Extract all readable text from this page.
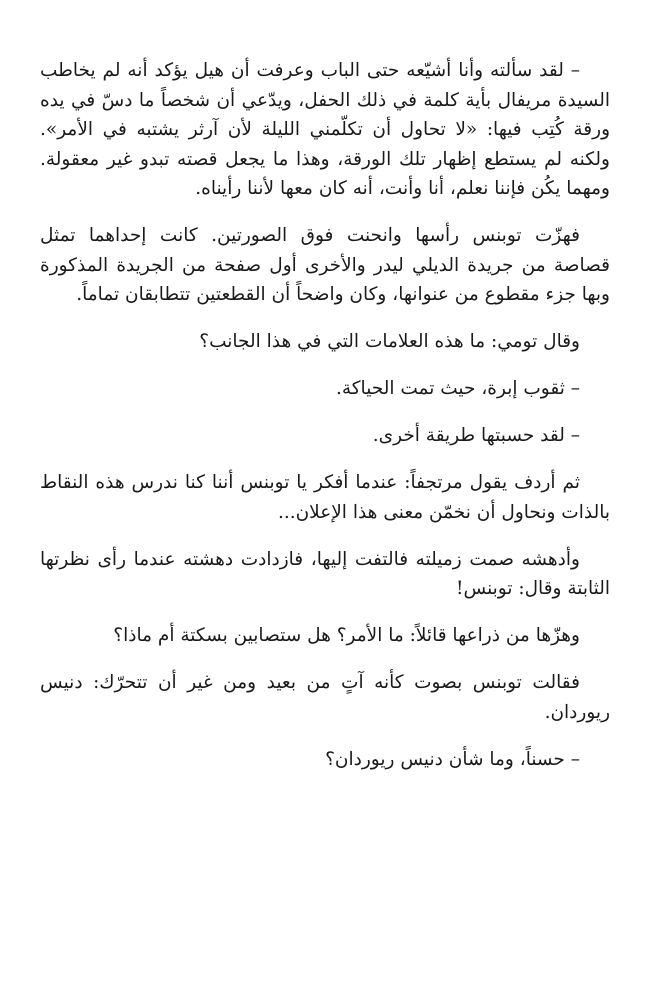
– لقد سألته وأنا أشيّعه حتى الباب وعرفت أن هيل يؤكد أنه لم يخاطب السيدة مريفال بأية كلمة في ذلك الحفل، ويدّعي أن شخصاً ما دسّ في يده ورقة كُتِب فيها: «لا تحاول أن تكلّمني الليلة لأن آرثر يشتبه في الأمر». ولكنه لم يستطع إظهار تلك الورقة، وهذا ما يجعل قصته تبدو غير معقولة. ومهما يكُن فإننا نعلم، أنا وأنت، أنه كان معها لأننا رأيناه.

فهزّت توبنس رأسها وانحنت فوق الصورتين. كانت إحداهما تمثل قصاصة من جريدة الديلي ليدر والأخرى أول صفحة من الجريدة المذكورة وبها جزء مقطوع من عنوانها، وكان واضحاً أن القطعتين تتطابقان تماماً.

وقال تومي: ما هذه العلامات التي في هذا الجانب؟

– ثقوب إبرة، حيث تمت الحياكة.

– لقد حسبتها طريقة أخرى.

ثم أردف يقول مرتجفاً: عندما أفكر يا توبنس أننا كنا ندرس هذه النقاط بالذات ونحاول أن نخمّن معنى هذا الإعلان...

وأدهشه صمت زميلته فالتفت إليها، فازدادت دهشته عندما رأى نظرتها الثابتة وقال: توبنس!

وهزّها من ذراعها قائلاً: ما الأمر؟ هل ستصابين بسكتة أم ماذا؟

فقالت توبنس بصوت كأنه آتٍ من بعيد ومن غير أن تتحرّك: دنيس ريوردان.

– حسناً، وما شأن دنيس ريوردان؟
